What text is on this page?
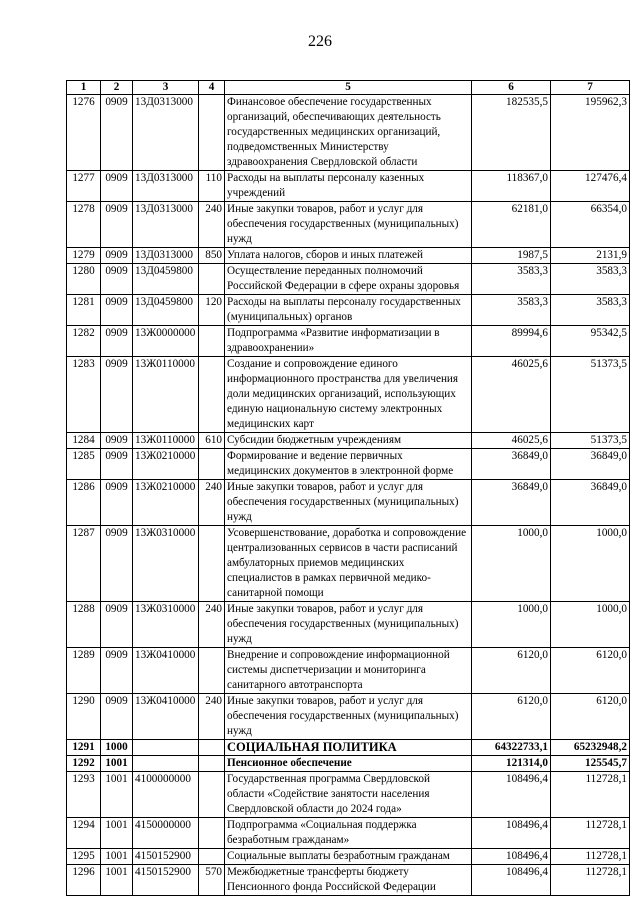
226
1	2	3	4	5	6	7
1276	0909	13Д0313000		Финансовое обеспечение государственных организаций, обеспечивающих деятельность государственных медицинских организаций, подведомственных Министерству здравоохранения Свердловской области	182535,5	195962,3
1277	0909	13Д0313000	110	Расходы на выплаты персоналу казенных учреждений	118367,0	127476,4
1278	0909	13Д0313000	240	Иные закупки товаров, работ и услуг для обеспечения государственных (муниципальных) нужд	62181,0	66354,0
1279	0909	13Д0313000	850	Уплата налогов, сборов и иных платежей	1987,5	2131,9
1280	0909	13Д0459800		Осуществление переданных полномочий Российской Федерации в сфере охраны здоровья	3583,3	3583,3
1281	0909	13Д0459800	120	Расходы на выплаты персоналу государственных (муниципальных) органов	3583,3	3583,3
1282	0909	13Ж0000000		Подпрограмма «Развитие информатизации в здравоохранении»	89994,6	95342,5
1283	0909	13Ж0110000		Создание и сопровождение единого информационного пространства для увеличения доли медицинских организаций, использующих единую национальную систему электронных медицинских карт	46025,6	51373,5
1284	0909	13Ж0110000	610	Субсидии бюджетным учреждениям	46025,6	51373,5
1285	0909	13Ж0210000		Формирование и ведение первичных медицинских документов в электронной форме	36849,0	36849,0
1286	0909	13Ж0210000	240	Иные закупки товаров, работ и услуг для обеспечения государственных (муниципальных) нужд	36849,0	36849,0
1287	0909	13Ж0310000		Усовершенствование, доработка и сопровождение централизованных сервисов в части расписаний амбулаторных приемов медицинских специалистов в рамках первичной медико-санитарной помощи	1000,0	1000,0
1288	0909	13Ж0310000	240	Иные закупки товаров, работ и услуг для обеспечения государственных (муниципальных) нужд	1000,0	1000,0
1289	0909	13Ж0410000		Внедрение и сопровождение информационной системы диспетчеризации и мониторинга санитарного автотранспорта	6120,0	6120,0
1290	0909	13Ж0410000	240	Иные закупки товаров, работ и услуг для обеспечения государственных (муниципальных) нужд	6120,0	6120,0
1291	1000			СОЦИАЛЬНАЯ ПОЛИТИКА	64322733,1	65232948,2
1292	1001			Пенсионное обеспечение	121314,0	125545,7
1293	1001	4100000000		Государственная программа Свердловской области «Содействие занятости населения Свердловской области до 2024 года»	108496,4	112728,1
1294	1001	4150000000		Подпрограмма «Социальная поддержка безработным гражданам»	108496,4	112728,1
1295	1001	4150152900		Социальные выплаты безработным гражданам	108496,4	112728,1
1296	1001	4150152900	570	Межбюджетные трансферты бюджету Пенсионного фонда Российской Федерации	108496,4	112728,1
